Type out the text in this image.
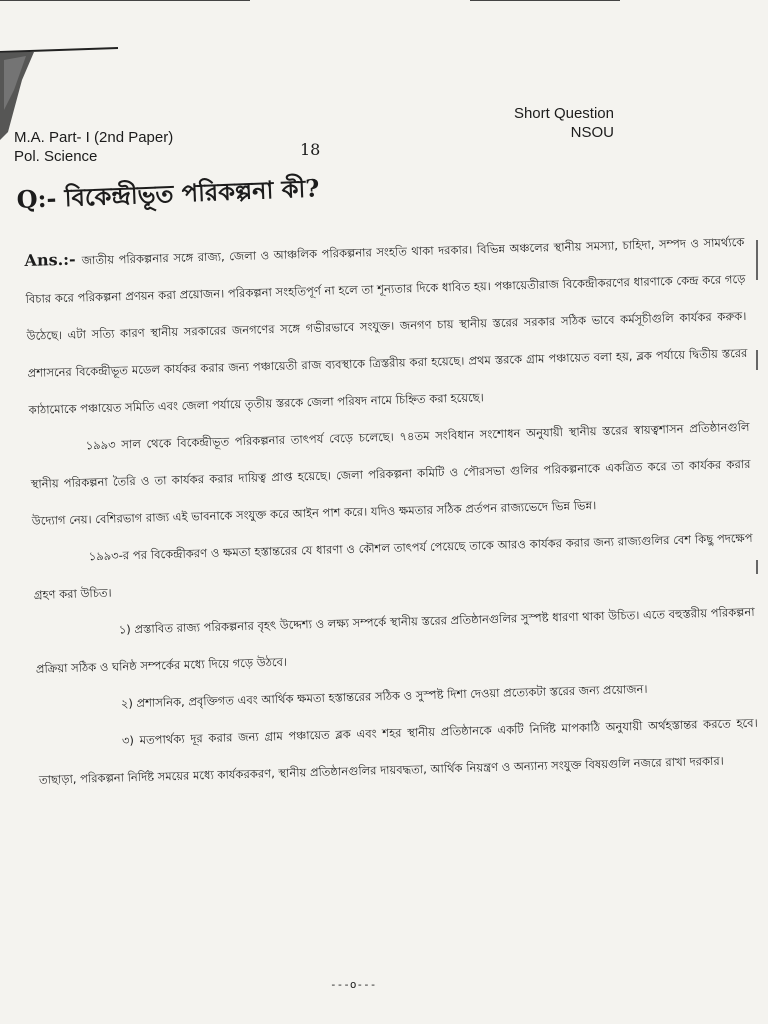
M.A. Part- I (2nd Paper)
Pol. Science	18
Short Question
NSOU
Q:- বিকেন্দ্রীভূত পরিকল্পনা কী?

Ans.:- জাতীয় পরিকল্পনার সঙ্গে রাজ্য, জেলা ও আঞ্চলিক পরিকল্পনার সংহতি থাকা দরকার। বিভিন্ন অঞ্চলের স্থানীয় সমস্যা, চাহিদা, সম্পদ ও সামর্থ্যকে বিচার করে পরিকল্পনা প্রণয়ন করা প্রয়োজন। পরিকল্পনা সংহতিপূর্ণ না হলে তা শূন্যতার দিকে ধাবিত হয়। পঞ্চায়েতীরাজ বিকেন্দ্রীকরণের ধারণাকে কেন্দ্র করে গড়ে উঠেছে। এটা সত্যি কারণ স্থানীয় সরকারের জনগণের সঙ্গে গভীরভাবে সংযুক্ত। জনগণ চায় স্থানীয় স্তরের সরকার সঠিক ভাবে কর্মসূচীগুলি কার্যকর করুক। প্রশাসনের বিকেন্দ্রীভূত মডেল কার্যকর করার জন্য পঞ্চায়েতী রাজ ব্যবস্থাকে ত্রিস্তরীয় করা হয়েছে। প্রথম স্তরকে গ্রাম পঞ্চায়েত বলা হয়, ব্লক পর্যায়ে দ্বিতীয় স্তরের কাঠামোকে পঞ্চায়েত সমিতি এবং জেলা পর্যায়ে তৃতীয় স্তরকে জেলা পরিষদ নামে চিহ্নিত করা হয়েছে।

১৯৯৩ সাল থেকে বিকেন্দ্রীভূত পরিকল্পনার তাৎপর্য বেড়ে চলেছে। ৭৪তম সংবিধান সংশোধন অনুযায়ী স্থানীয় স্তরের স্বায়ত্বশাসন প্রতিষ্ঠানগুলি স্থানীয় পরিকল্পনা তৈরি ও তা কার্যকর করার দায়িত্ব প্রাপ্ত হয়েছে। জেলা পরিকল্পনা কমিটি ও পৌরসভা গুলির পরিকল্পনাকে একত্রিত করে তা কার্যকর করার উদ্যোগ নেয়। বেশিরভাগ রাজ্য এই ভাবনাকে সংযুক্ত করে আইন পাশ করে। যদিও ক্ষমতার সঠিক প্রর্তপন রাজ্যভেদে ভিন্ন ভিন্ন।

১৯৯৩-র পর বিকেন্দ্রীকরণ ও ক্ষমতা হস্তান্তরের যে ধারণা ও কৌশল তাৎপর্য পেয়েছে তাকে আরও কার্যকর করার জন্য রাজ্যগুলির বেশ কিছু পদক্ষেপ গ্রহণ করা উচিত।

১) প্রস্তাবিত রাজ্য পরিকল্পনার বৃহৎ উদ্দেশ্য ও লক্ষ্য সম্পর্কে স্থানীয় স্তরের প্রতিষ্ঠানগুলির সুস্পষ্ট ধারণা থাকা উচিত। এতে বহুস্তরীয় পরিকল্পনা প্রক্রিয়া সঠিক ও ঘনিষ্ঠ সম্পর্কের মধ্যে দিয়ে গড়ে উঠবে।

২) প্রশাসনিক, প্রবৃক্তিগত এবং আর্থিক ক্ষমতা হস্তান্তরের সঠিক ও সুস্পষ্ট দিশা দেওয়া প্রত্যেকটা স্তরের জন্য প্রয়োজন।

৩) মতপার্থক্য দূর করার জন্য গ্রাম পঞ্চায়েত ব্লক এবং শহর স্থানীয় প্রতিষ্ঠানকে একটি নির্দিষ্ট মাপকাঠি অনুযায়ী অর্থহস্তান্তর করতে হবে। তাছাড়া, পরিকল্পনা নির্দিষ্ট সময়ের মধ্যে কার্যকরকরণ, স্থানীয় প্রতিষ্ঠানগুলির দায়বদ্ধতা, আর্থিক নিয়ন্ত্রণ ও অন্যান্য সংযুক্ত বিষয়গুলি নজরে রাখা দরকার।

---o---
